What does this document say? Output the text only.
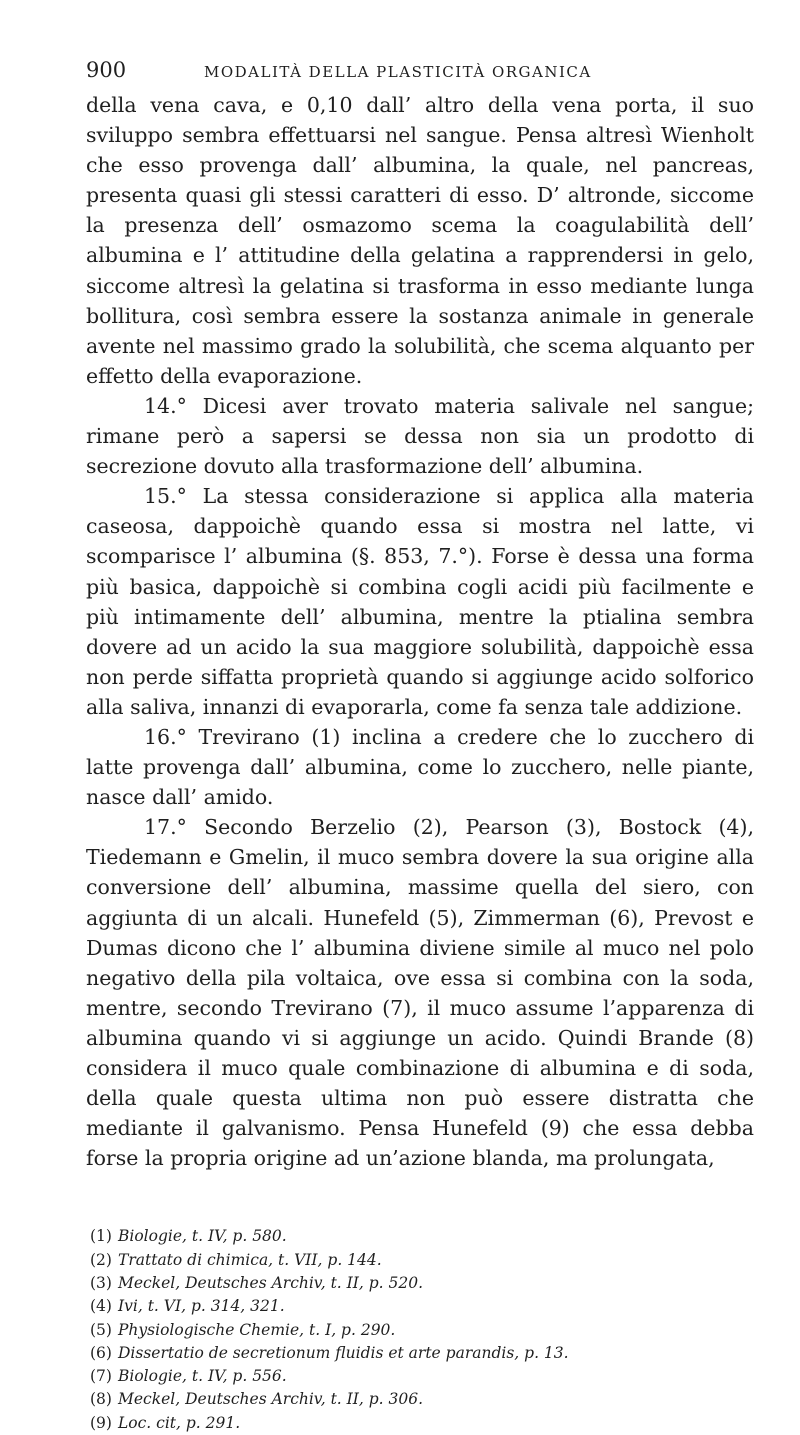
900	MODALITÀ DELLA PLASTICITÀ ORGANICA

della vena cava, e 0,10 dall’ altro della vena porta, il suo sviluppo sembra effettuarsi nel sangue. Pensa altresì Wienholt che esso provenga dall’ albumina, la quale, nel pancreas, presenta quasi gli stessi caratteri di esso. D’ altronde, siccome la presenza dell’ osmazomo scema la coagulabilità dell’ albumina e l’ attitudine della gelatina a rapprendersi in gelo, siccome altresì la gelatina si trasforma in esso mediante lunga bollitura, così sembra essere la sostanza animale in generale avente nel massimo grado la solubilità, che scema alquanto per effetto della evaporazione.

14.° Dicesi aver trovato materia salivale nel sangue; rimane però a sapersi se dessa non sia un prodotto di secrezione dovuto alla trasformazione dell’ albumina.

15.° La stessa considerazione si applica alla materia caseosa, dappoichè quando essa si mostra nel latte, vi scomparisce l’ albumina (§. 853, 7.°). Forse è dessa una forma più basica, dappoichè si combina cogli acidi più facilmente e più intimamente dell’ albumina, mentre la ptialina sembra dovere ad un acido la sua maggiore solubilità, dappoichè essa non perde siffatta proprietà quando si aggiunge acido solforico alla saliva, innanzi di evaporarla, come fa senza tale addizione.

16.° Treviranо (1) inclina a credere che lo zucchero di latte provenga dall’ albumina, come lo zucchero, nelle piante, nasce dall’ amido.

17.° Secondo Berzelio (2), Pearson (3), Bostock (4), Tiedemann e Gmelin, il muco sembra dovere la sua origine alla conversione dell’ albumina, massime quella del siero, con aggiunta di un alcali. Hunefeld (5), Zimmerman (6), Prevost e Dumas dicono che l’ albumina diviene simile al muco nel polo negativo della pila voltaica, ove essa si combina con la soda, mentre, secondo Treviranо (7), il muco assume l’apparenza di albumina quando vi si aggiunge un acido. Quindi Brande (8) considera il muco quale combinazione di albumina e di soda, della quale questa ultima non può essere distratta che mediante il galvanismo. Pensa Hunefeld (9) che essa debba forse la propria origine ad un’azione blanda, ma prolungata,

(1) Biologie, t. IV, p. 580.
(2) Trattato di chimica, t. VII, p. 144.
(3) Meckel, Deutsches Archiv, t. II, p. 520.
(4) Ivi, t. VI, p. 314, 321.
(5) Physiologische Chemie, t. I, p. 290.
(6) Dissertatio de secretionum fluidis et arte parandis, p. 13.
(7) Biologie, t. IV, p. 556.
(8) Meckel, Deutsches Archiv, t. II, p. 306.
(9) Loc. cit, p. 291.
